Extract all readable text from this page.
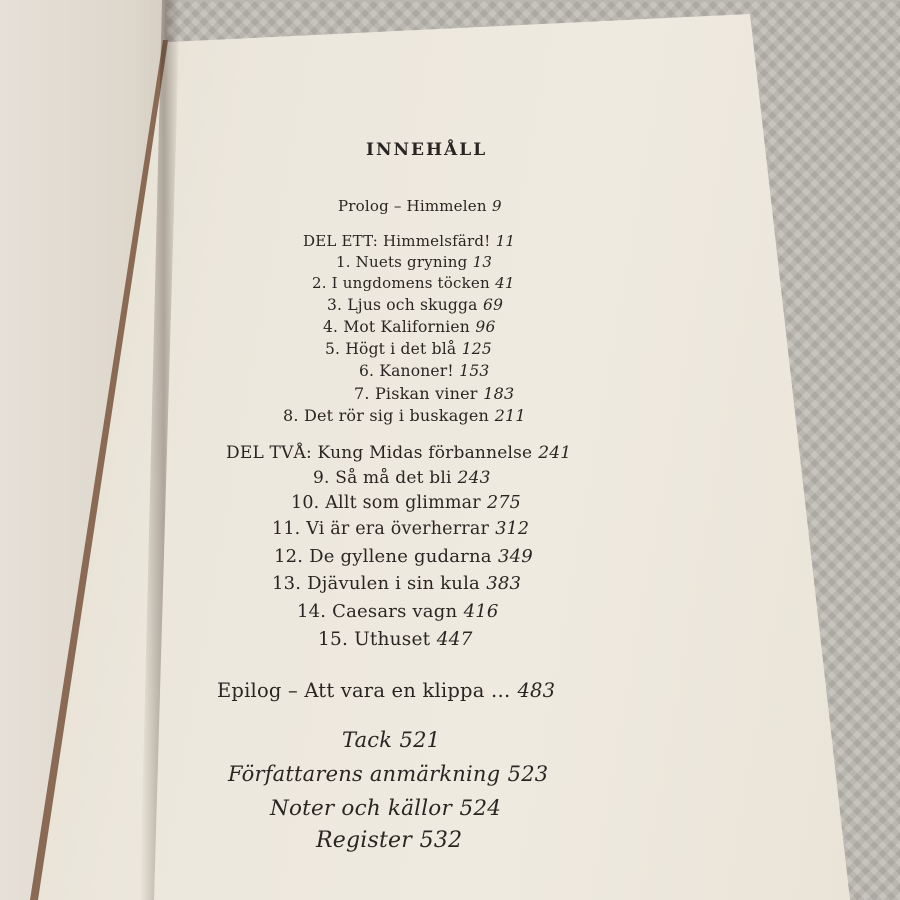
INNEHÅLL
Prolog – Himmelen 9
DEL ETT: Himmelsfärd! 11
1. Nuets gryning 13
2. I ungdomens töcken 41
3. Ljus och skugga 69
4. Mot Kalifornien 96
5. Högt i det blå 125
6. Kanoner! 153
7. Piskan viner 183
8. Det rör sig i buskagen 211
DEL TVÅ: Kung Midas förbannelse 241
9. Så må det bli 243
10. Allt som glimmar 275
11. Vi är era överherrar 312
12. De gyllene gudarna 349
13. Djävulen i sin kula 383
14. Caesars vagn 416
15. Uthuset 447
Epilog – Att vara en klippa … 483
Tack 521
Författarens anmärkning 523
Noter och källor 524
Register 532
